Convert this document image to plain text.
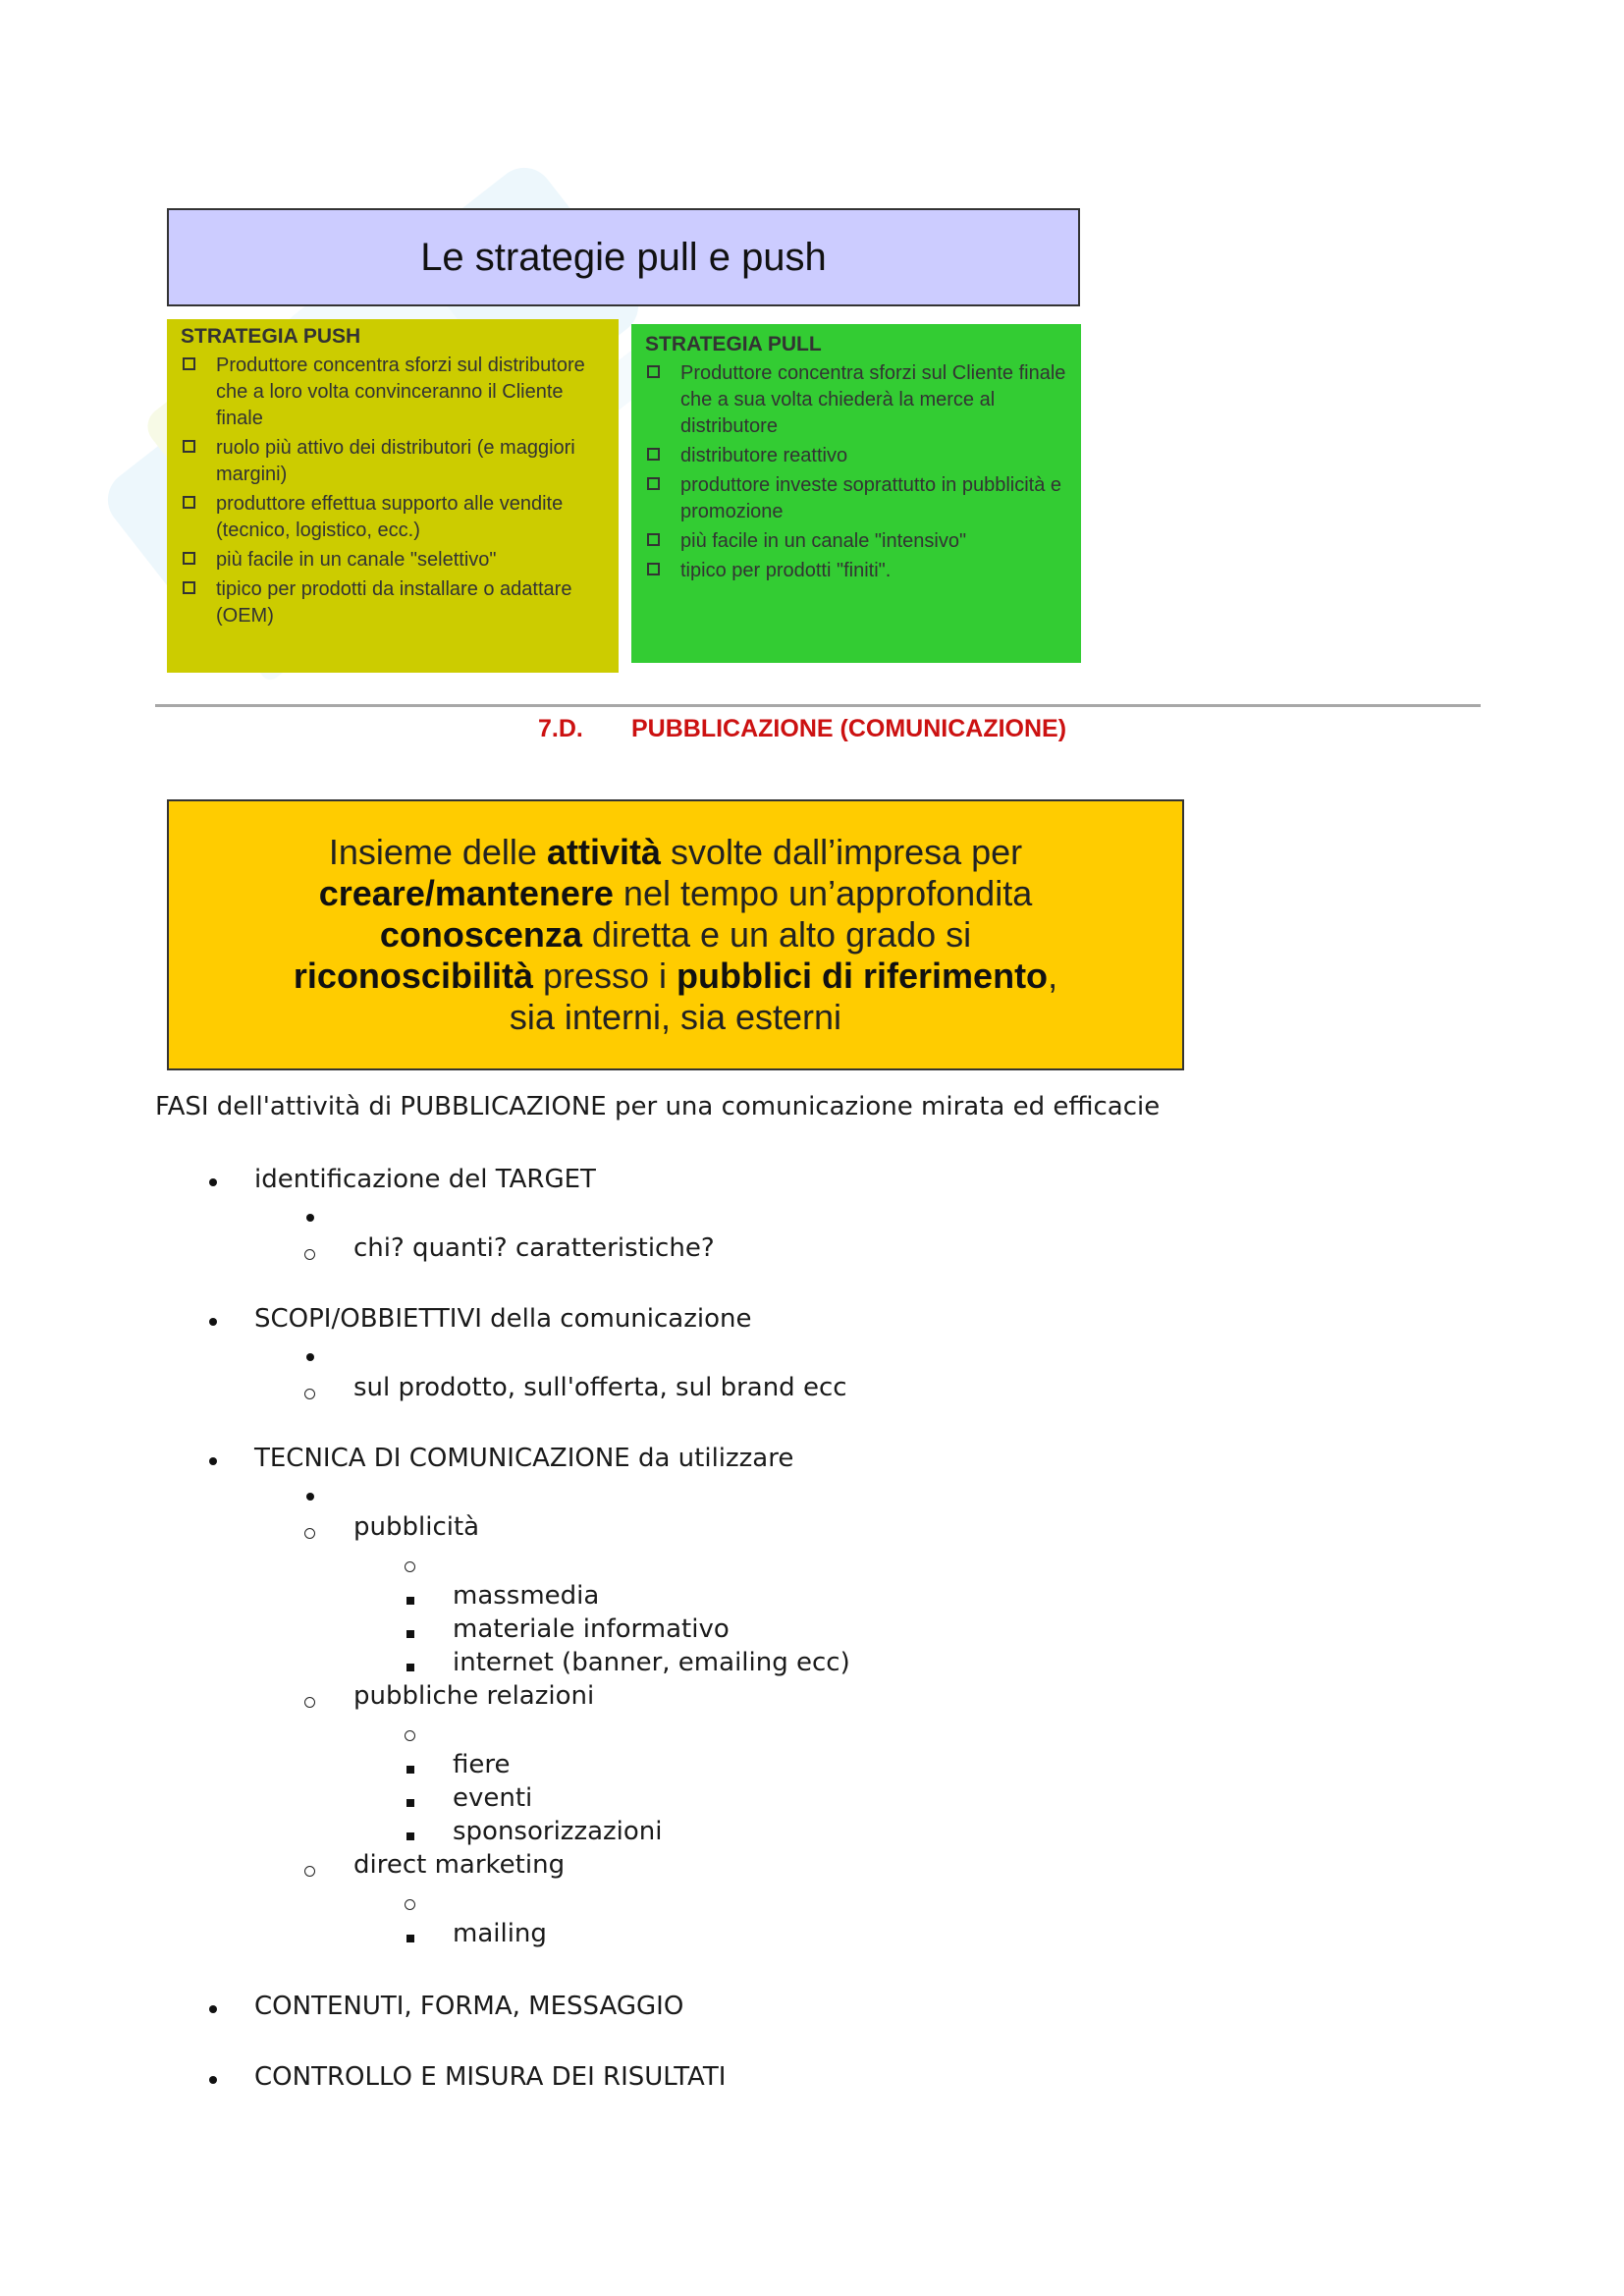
Le strategie pull e push
STRATEGIA PUSH
Produttore concentra sforzi sul distributore che a loro volta convinceranno il Cliente finale
ruolo più attivo dei distributori (e maggiori margini)
produttore effettua supporto alle vendite (tecnico, logistico, ecc.)
più facile in un canale "selettivo"
tipico per prodotti da installare o adattare (OEM)
STRATEGIA PULL
Produttore concentra sforzi sul Cliente finale che a sua volta chiederà la merce al distributore
distributore reattivo
produttore investe soprattutto in pubblicità e promozione
più facile in un canale "intensivo"
tipico per prodotti "finiti".
7.D. PUBBLICAZIONE (COMUNICAZIONE)
Insieme delle attività svolte dall’impresa per
creare/mantenere nel tempo un’approfondita
conoscenza diretta e un alto grado si
riconoscibilità presso i pubblici di riferimento,
sia interni, sia esterni
FASI dell'attività di PUBBLICAZIONE per una comunicazione mirata ed efficacie
identificazione del TARGET
chi? quanti? caratteristiche?
SCOPI/OBBIETTIVI della comunicazione
sul prodotto, sull'offerta, sul brand ecc
TECNICA DI COMUNICAZIONE da utilizzare
pubblicità
massmedia
materiale informativo
internet (banner, emailing ecc)
pubbliche relazioni
fiere
eventi
sponsorizzazioni
direct marketing
mailing
CONTENUTI, FORMA, MESSAGGIO
CONTROLLO E MISURA DEI RISULTATI
